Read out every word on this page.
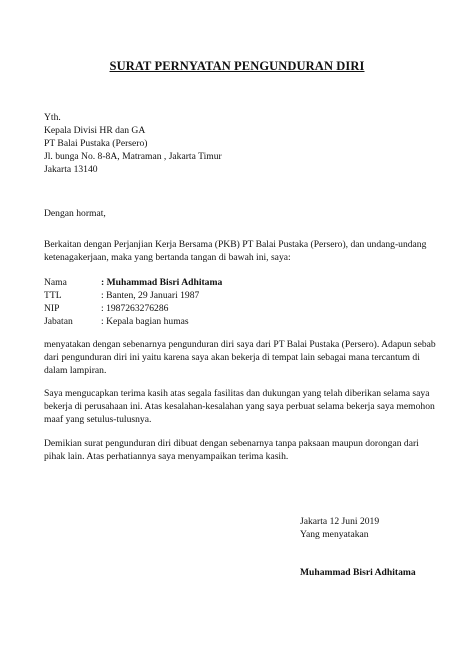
SURAT PERNYATAN PENGUNDURAN DIRI

Yth.

Kepala Divisi HR dan GA

PT Balai Pustaka (Persero)

Jl. bunga No. 8-8A, Matraman , Jakarta Timur

Jakarta 13140

Dengan hormat,
Berkaitan dengan Perjanjian Kerja Bersama (PKB) PT Balai Pustaka (Persero), dan undang-undang ketenagakerjaan, maka yang bertanda tangan di bawah ini, saya:
Nama	: Muhammad Bisri Adhitama
TTL	: Banten, 29 Januari 1987
NIP	: 1987263276286
Jabatan	: Kepala bagian humas
menyatakan dengan sebenarnya pengunduran diri saya dari PT Balai Pustaka (Persero). Adapun sebab dari pengunduran diri ini yaitu karena saya akan bekerja di tempat lain sebagai mana tercantum di dalam lampiran.
Saya mengucapkan terima kasih atas segala fasilitas dan dukungan yang telah diberikan selama saya bekerja di perusahaan ini. Atas kesalahan-kesalahan yang saya perbuat selama bekerja saya memohon maaf yang setulus-tulusnya.
Demikian surat pengunduran diri dibuat dengan sebenarnya tanpa paksaan maupun dorongan dari pihak lain. Atas perhatiannya saya menyampaikan terima kasih.
Jakarta 12 Juni 2019
Yang menyatakan
Muhammad Bisri Adhitama
